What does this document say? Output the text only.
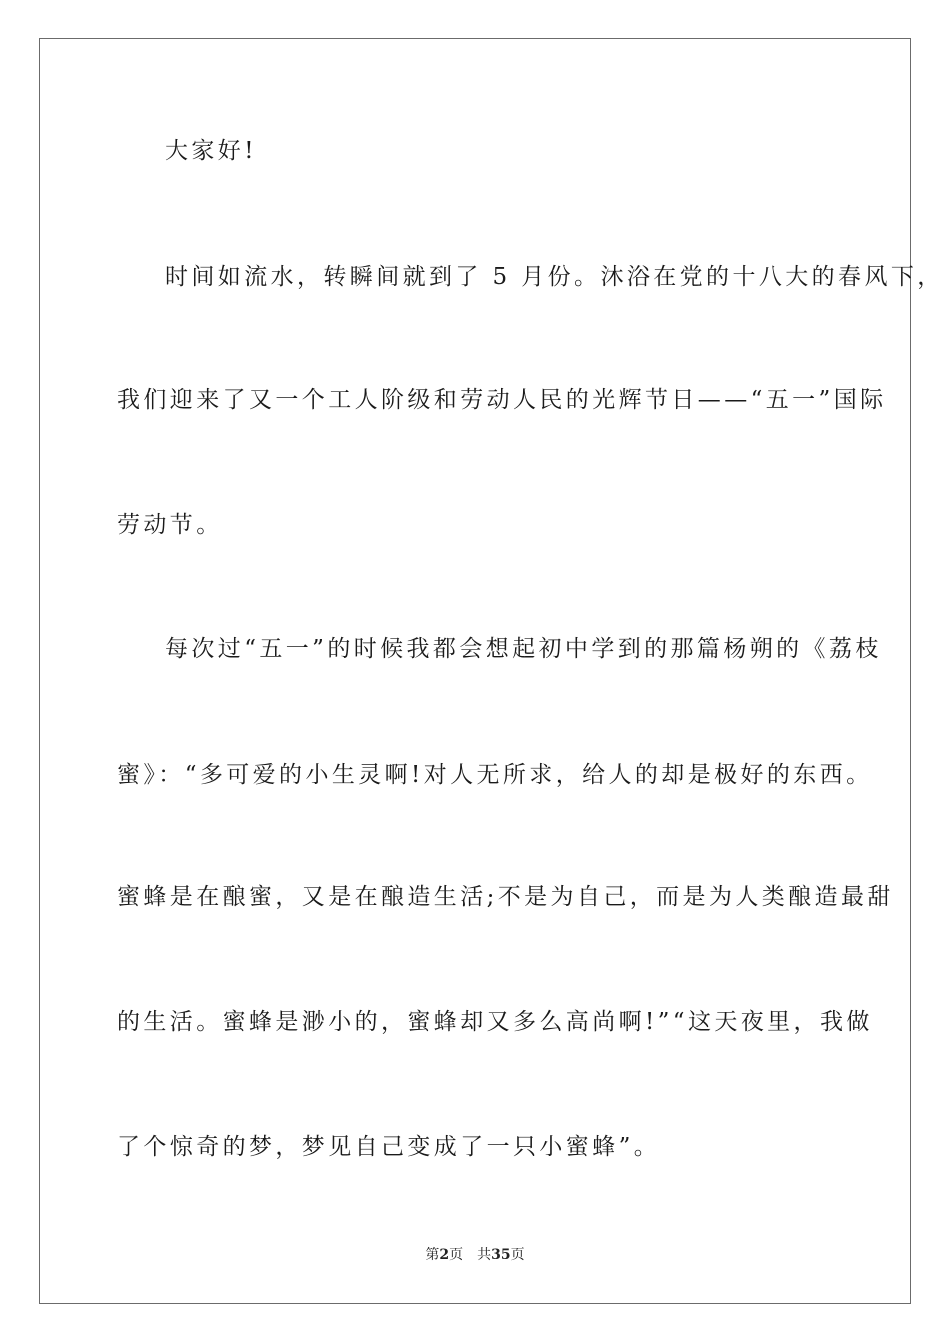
大家好!
时间如流水，转瞬间就到了 5 月份。沐浴在党的十八大的春风下，
我们迎来了又一个工人阶级和劳动人民的光辉节日——“五一”国际
劳动节。
每次过“五一”的时候我都会想起初中学到的那篇杨朔的《荔枝
蜜》：“多可爱的小生灵啊!对人无所求，给人的却是极好的东西。
蜜蜂是在酿蜜，又是在酿造生活;不是为自己，而是为人类酿造最甜
的生活。蜜蜂是渺小的，蜜蜂却又多么高尚啊!”“这天夜里，我做
了个惊奇的梦，梦见自己变成了一只小蜜蜂”。
第2页 共35页
